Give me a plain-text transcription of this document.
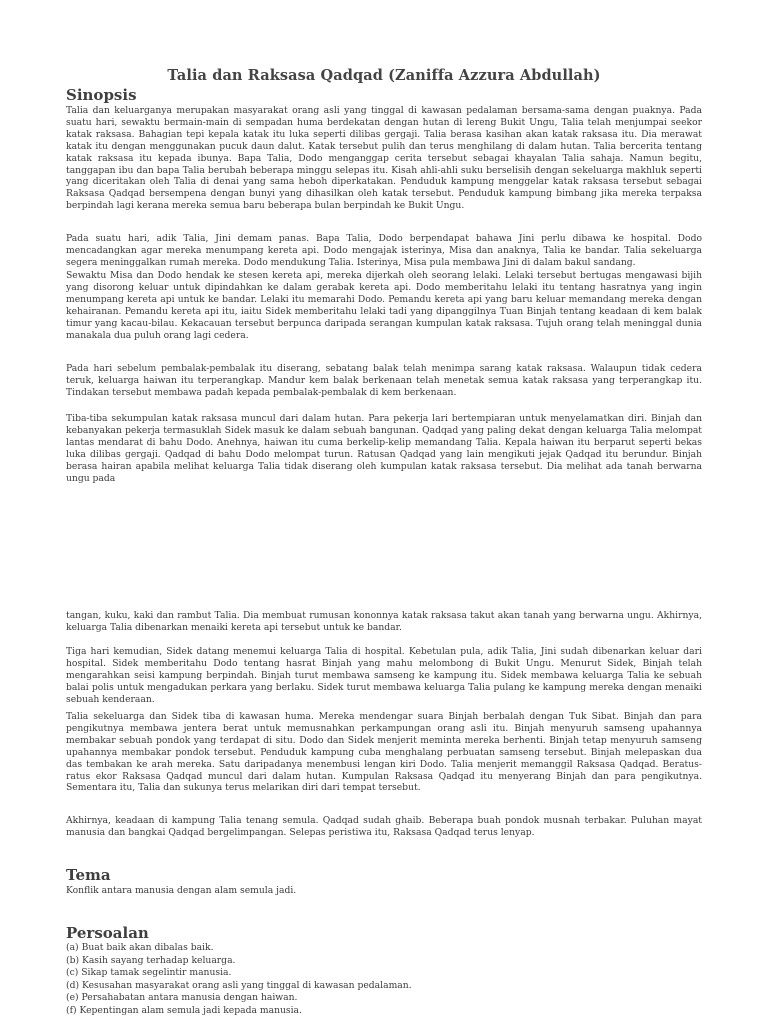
Talia dan Raksasa Qadqad (Zaniffa Azzura Abdullah)
Sinopsis
Talia dan keluarganya merupakan masyarakat orang asli yang tinggal di kawasan pedalaman bersama-sama dengan puaknya. Pada suatu hari, sewaktu bermain-main di sempadan huma berdekatan dengan hutan di lereng Bukit Ungu, Talia telah menjumpai seekor katak raksasa. Bahagian tepi kepala katak itu luka seperti dilibas gergaji. Talia berasa kasihan akan katak raksasa itu. Dia merawat katak itu dengan menggunakan pucuk daun dalut. Katak tersebut pulih dan terus menghilang di dalam hutan. Talia bercerita tentang katak raksasa itu kepada ibunya. Bapa Talia, Dodo menganggap cerita tersebut sebagai khayalan Talia sahaja. Namun begitu, tanggapan ibu dan bapa Talia berubah beberapa minggu selepas itu. Kisah ahli-ahli suku berselisih dengan sekeluarga makhluk seperti yang diceritakan oleh Talia di denai yang sama heboh diperkatakan. Penduduk kampung menggelar katak raksasa tersebut sebagai Raksasa Qadqad bersempena dengan bunyi yang dihasilkan oleh katak tersebut. Penduduk kampung bimbang jika mereka terpaksa berpindah lagi kerana mereka semua baru beberapa bulan berpindah ke Bukit Ungu.
Pada suatu hari, adik Talia, Jini demam panas. Bapa Talia, Dodo berpendapat bahawa Jini perlu dibawa ke hospital. Dodo mencadangkan agar mereka menumpang kereta api. Dodo mengajak isterinya, Misa dan anaknya, Talia ke bandar. Talia sekeluarga segera meninggalkan rumah mereka. Dodo mendukung Talia. Isterinya, Misa pula membawa Jini di dalam bakul sandang.
Sewaktu Misa dan Dodo hendak ke stesen kereta api, mereka dijerkah oleh seorang lelaki. Lelaki tersebut bertugas mengawasi bijih yang disorong keluar untuk dipindahkan ke dalam gerabak kereta api. Dodo memberitahu lelaki itu tentang hasratnya yang ingin menumpang kereta api untuk ke bandar. Lelaki itu memarahi Dodo. Pemandu kereta api yang baru keluar memandang mereka dengan kehairanan. Pemandu kereta api itu, iaitu Sidek memberitahu lelaki tadi yang dipanggilnya Tuan Binjah tentang keadaan di kem balak timur yang kacau-bilau. Kekacauan tersebut berpunca daripada serangan kumpulan katak raksasa. Tujuh orang telah meninggal dunia manakala dua puluh orang lagi cedera.
Pada hari sebelum pembalak-pembalak itu diserang, sebatang balak telah menimpa sarang katak raksasa. Walaupun tidak cedera teruk, keluarga haiwan itu terperangkap. Mandur kem balak berkenaan telah menetak semua katak raksasa yang terperangkap itu. Tindakan tersebut membawa padah kepada pembalak-pembalak di kem berkenaan.
Tiba-tiba sekumpulan katak raksasa muncul dari dalam hutan. Para pekerja lari bertempiaran untuk menyelamatkan diri. Binjah dan kebanyakan pekerja termasuklah Sidek masuk ke dalam sebuah bangunan. Qadqad yang paling dekat dengan keluarga Talia melompat lantas mendarat di bahu Dodo. Anehnya, haiwan itu cuma berkelip-kelip memandang Talia. Kepala haiwan itu berparut seperti bekas luka dilibas gergaji. Qadqad di bahu Dodo melompat turun. Ratusan Qadqad yang lain mengikuti jejak Qadqad itu berundur. Binjah berasa hairan apabila melihat keluarga Talia tidak diserang oleh kumpulan katak raksasa tersebut. Dia melihat ada tanah berwarna ungu pada
tangan, kuku, kaki dan rambut Talia. Dia membuat rumusan kononnya katak raksasa takut akan tanah yang berwarna ungu. Akhirnya, keluarga Talia dibenarkan menaiki kereta api tersebut untuk ke bandar.
Tiga hari kemudian, Sidek datang menemui keluarga Talia di hospital. Kebetulan pula, adik Talia, Jini sudah dibenarkan keluar dari hospital. Sidek memberitahu Dodo tentang hasrat Binjah yang mahu melombong di Bukit Ungu. Menurut Sidek, Binjah telah mengarahkan seisi kampung berpindah. Binjah turut membawa samseng ke kampung itu. Sidek membawa keluarga Talia ke sebuah balai polis untuk mengadukan perkara yang berlaku. Sidek turut membawa keluarga Talia pulang ke kampung mereka dengan menaiki sebuah kenderaan.
Talia sekeluarga dan Sidek tiba di kawasan huma. Mereka mendengar suara Binjah berbalah dengan Tuk Sibat. Binjah dan para pengikutnya membawa jentera berat untuk memusnahkan perkampungan orang asli itu. Binjah menyuruh samseng upahannya membakar sebuah pondok yang terdapat di situ. Dodo dan Sidek menjerit meminta mereka berhenti. Binjah tetap menyuruh samseng upahannya membakar pondok tersebut. Penduduk kampung cuba menghalang perbuatan samseng tersebut. Binjah melepaskan dua das tembakan ke arah mereka. Satu daripadanya menembusi lengan kiri Dodo. Talia menjerit memanggil Raksasa Qadqad. Beratus-ratus ekor Raksasa Qadqad muncul dari dalam hutan. Kumpulan Raksasa Qadqad itu menyerang Binjah dan para pengikutnya. Sementara itu, Talia dan sukunya terus melarikan diri dari tempat tersebut.
Akhirnya, keadaan di kampung Talia tenang semula. Qadqad sudah ghaib. Beberapa buah pondok musnah terbakar. Puluhan mayat manusia dan bangkai Qadqad bergelimpangan. Selepas peristiwa itu, Raksasa Qadqad terus lenyap.
Tema
Konflik antara manusia dengan alam semula jadi.
Persoalan
(a) Buat baik akan dibalas baik.
(b) Kasih sayang terhadap keluarga.
(c) Sikap tamak segelintir manusia.
(d) Kesusahan masyarakat orang asli yang tinggal di kawasan pedalaman.
(e) Persahabatan antara manusia dengan haiwan.
(f) Kepentingan alam semula jadi kepada manusia.
